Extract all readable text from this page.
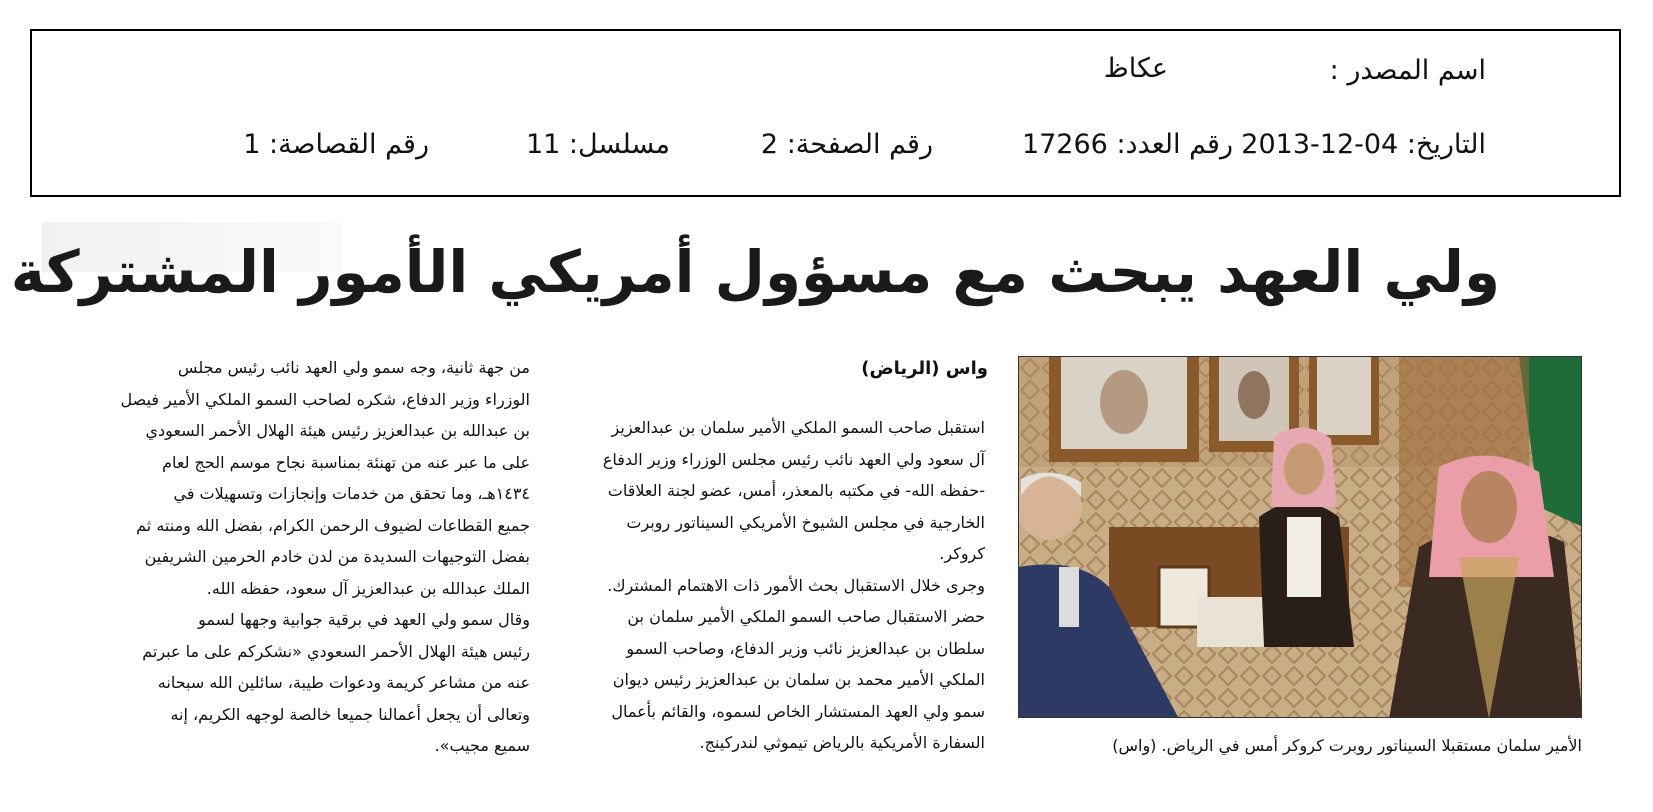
اسم المصدر :
عكاظ
التاريخ: 04-12-2013
رقم العدد: 17266
رقم الصفحة: 2
مسلسل: 11
رقم القصاصة: 1
ولي العهد يبحث مع مسؤول أمريكي الأمور المشتركة
الأمير سلمان مستقبلا السيناتور روبرت كروكر أمس في الرياض. (واس)
واس (الرياض)

استقبل صاحب السمو الملكي الأمير سلمان بن عبدالعزيز

آل سعود ولي العهد نائب رئيس مجلس الوزراء وزير الدفاع

-حفظه الله- في مكتبه بالمعذر، أمس، عضو لجنة العلاقات

الخارجية في مجلس الشيوخ الأمريكي السيناتور روبرت

كروكر.

وجرى خلال الاستقبال بحث الأمور ذات الاهتمام المشترك.

حضر الاستقبال صاحب السمو الملكي الأمير سلمان بن

سلطان بن عبدالعزيز نائب وزير الدفاع، وصاحب السمو

الملكي الأمير محمد بن سلمان بن عبدالعزيز رئيس ديوان

سمو ولي العهد المستشار الخاص لسموه، والقائم بأعمال

السفارة الأمريكية بالرياض تيموثي لندركينج.

من جهة ثانية، وجه سمو ولي العهد نائب رئيس مجلس

الوزراء وزير الدفاع، شكره لصاحب السمو الملكي الأمير فيصل

بن عبدالله بن عبدالعزيز رئيس هيئة الهلال الأحمر السعودي

على ما عبر عنه من تهنئة بمناسبة نجاح موسم الحج لعام

١٤٣٤هـ، وما تحقق من خدمات وإنجازات وتسهيلات في

جميع القطاعات لضيوف الرحمن الكرام، بفضل الله ومنته ثم

بفضل التوجيهات السديدة من لدن خادم الحرمين الشريفين

الملك عبدالله بن عبدالعزيز آل سعود، حفظه الله.

وقال سمو ولي العهد في برقية جوابية وجهها لسمو

رئيس هيئة الهلال الأحمر السعودي «نشكركم على ما عبرتم

عنه من مشاعر كريمة ودعوات طيبة، سائلين الله سبحانه

وتعالى أن يجعل أعمالنا جميعا خالصة لوجهه الكريم، إنه

سميع مجيب».
